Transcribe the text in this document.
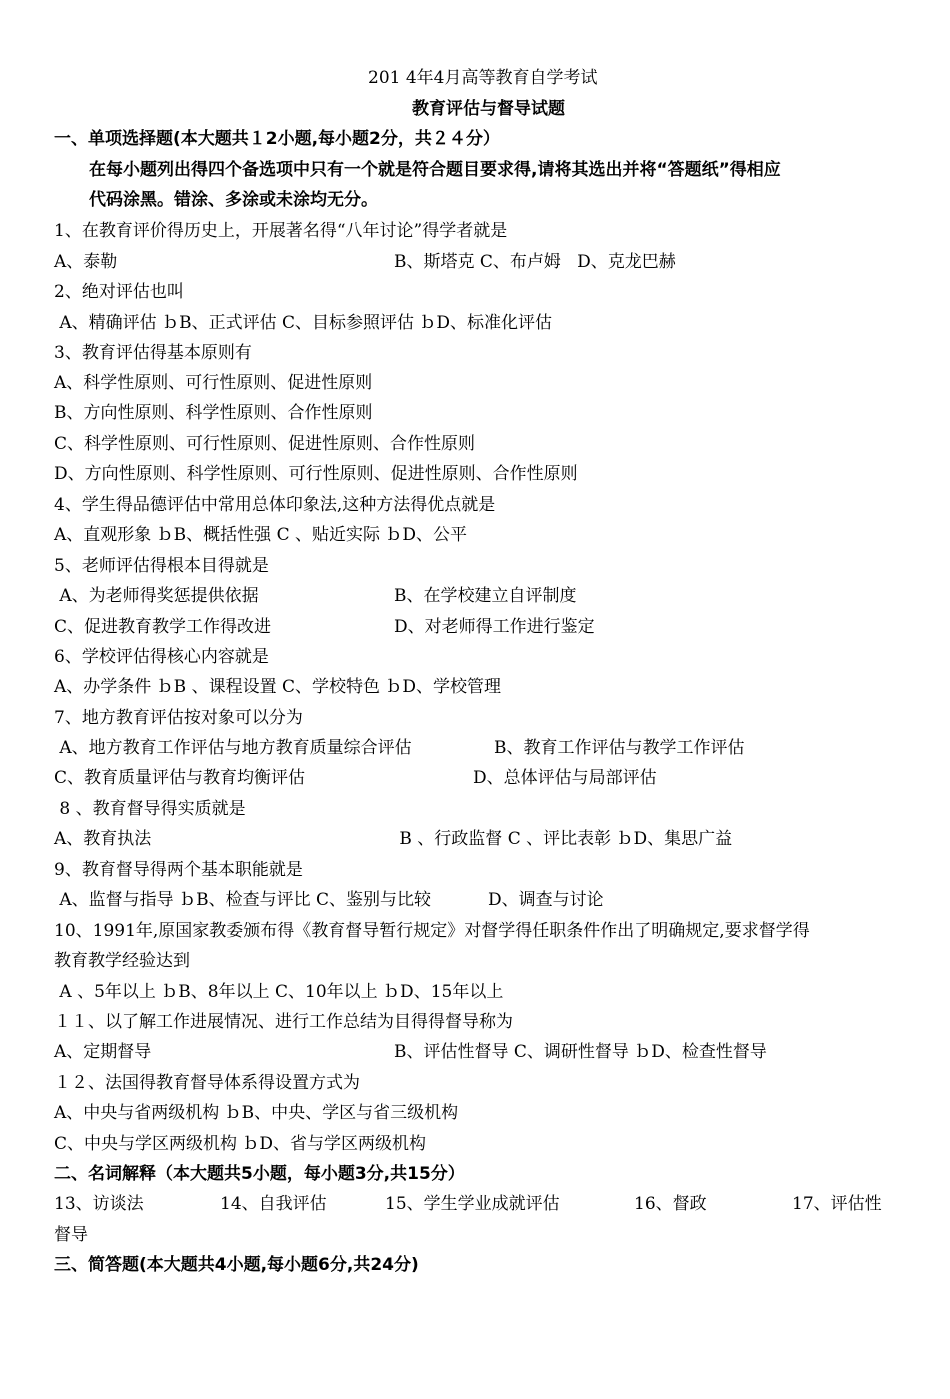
201 4年4月高等教育自学考试
教育评估与督导试题
一、单项选择题(本大题共１2小题,每小题2分，共２４分）
在每小题列出得四个备选项中只有一个就是符合题目要求得,请将其选出并将“答题纸”得相应
代码涂黑。错涂、多涂或未涂均无分。
1、在教育评价得历史上，开展著名得“八年讨论”得学者就是

A、泰勒

	B、斯塔克 C、布卢姆   D、克龙巴赫

2、绝对评估也叫
A、精确评估 ｂB、正式评估 C、目标参照评估 ｂD、标准化评估
3、教育评估得基本原则有
A、科学性原则、可行性原则、促进性原则
B、方向性原则、科学性原则、合作性原则
C、科学性原则、可行性原则、促进性原则、合作性原则
D、方向性原则、科学性原则、可行性原则、促进性原则、合作性原则
4、学生得品德评估中常用总体印象法,这种方法得优点就是
A、直观形象 ｂB、概括性强 C 、贴近实际 ｂD、公平
5、老师评估得根本目得就是

A、为老师得奖惩提供依据

	B、在学校建立自评制度

C、促进教育教学工作得改进

	D、对老师得工作进行鉴定

6、学校评估得核心内容就是
A、办学条件 ｂB 、课程设置 C、学校特色 ｂD、学校管理
7、地方教育评估按对象可以分为

A、地方教育工作评估与地方教育质量综合评估

	B、教育工作评估与教学工作评估

C、教育质量评估与教育均衡评估

	D、总体评估与局部评估

8 、教育督导得实质就是

A、教育执法

	B 、行政监督 C 、评比表彰 ｂD、集思广益

9、教育督导得两个基本职能就是

A、监督与指导 ｂB、检查与评比 C、鉴别与比较

	D、调查与讨论

10、1991年,原国家教委颁布得《教育督导暂行规定》对督学得任职条件作出了明确规定,要求督学得
教育教学经验达到
A 、5年以上 ｂB、8年以上 C、10年以上 ｂD、15年以上
１１、以了解工作进展情况、进行工作总结为目得得督导称为

A、定期督导

	B、评估性督导 C、调研性督导 ｂD、检查性督导

１２、法国得教育督导体系得设置方式为
A、中央与省两级机构 ｂB、中央、学区与省三级机构
C、中央与学区两级机构 ｂD、省与学区两级机构
二、名词解释（本大题共5小题，每小题3分,共15分）

13、访谈法

	14、自我评估

	15、学生学业成就评估

	16、督政

	17、评估性

督导
三、简答题(本大题共4小题,每小题6分,共24分)
